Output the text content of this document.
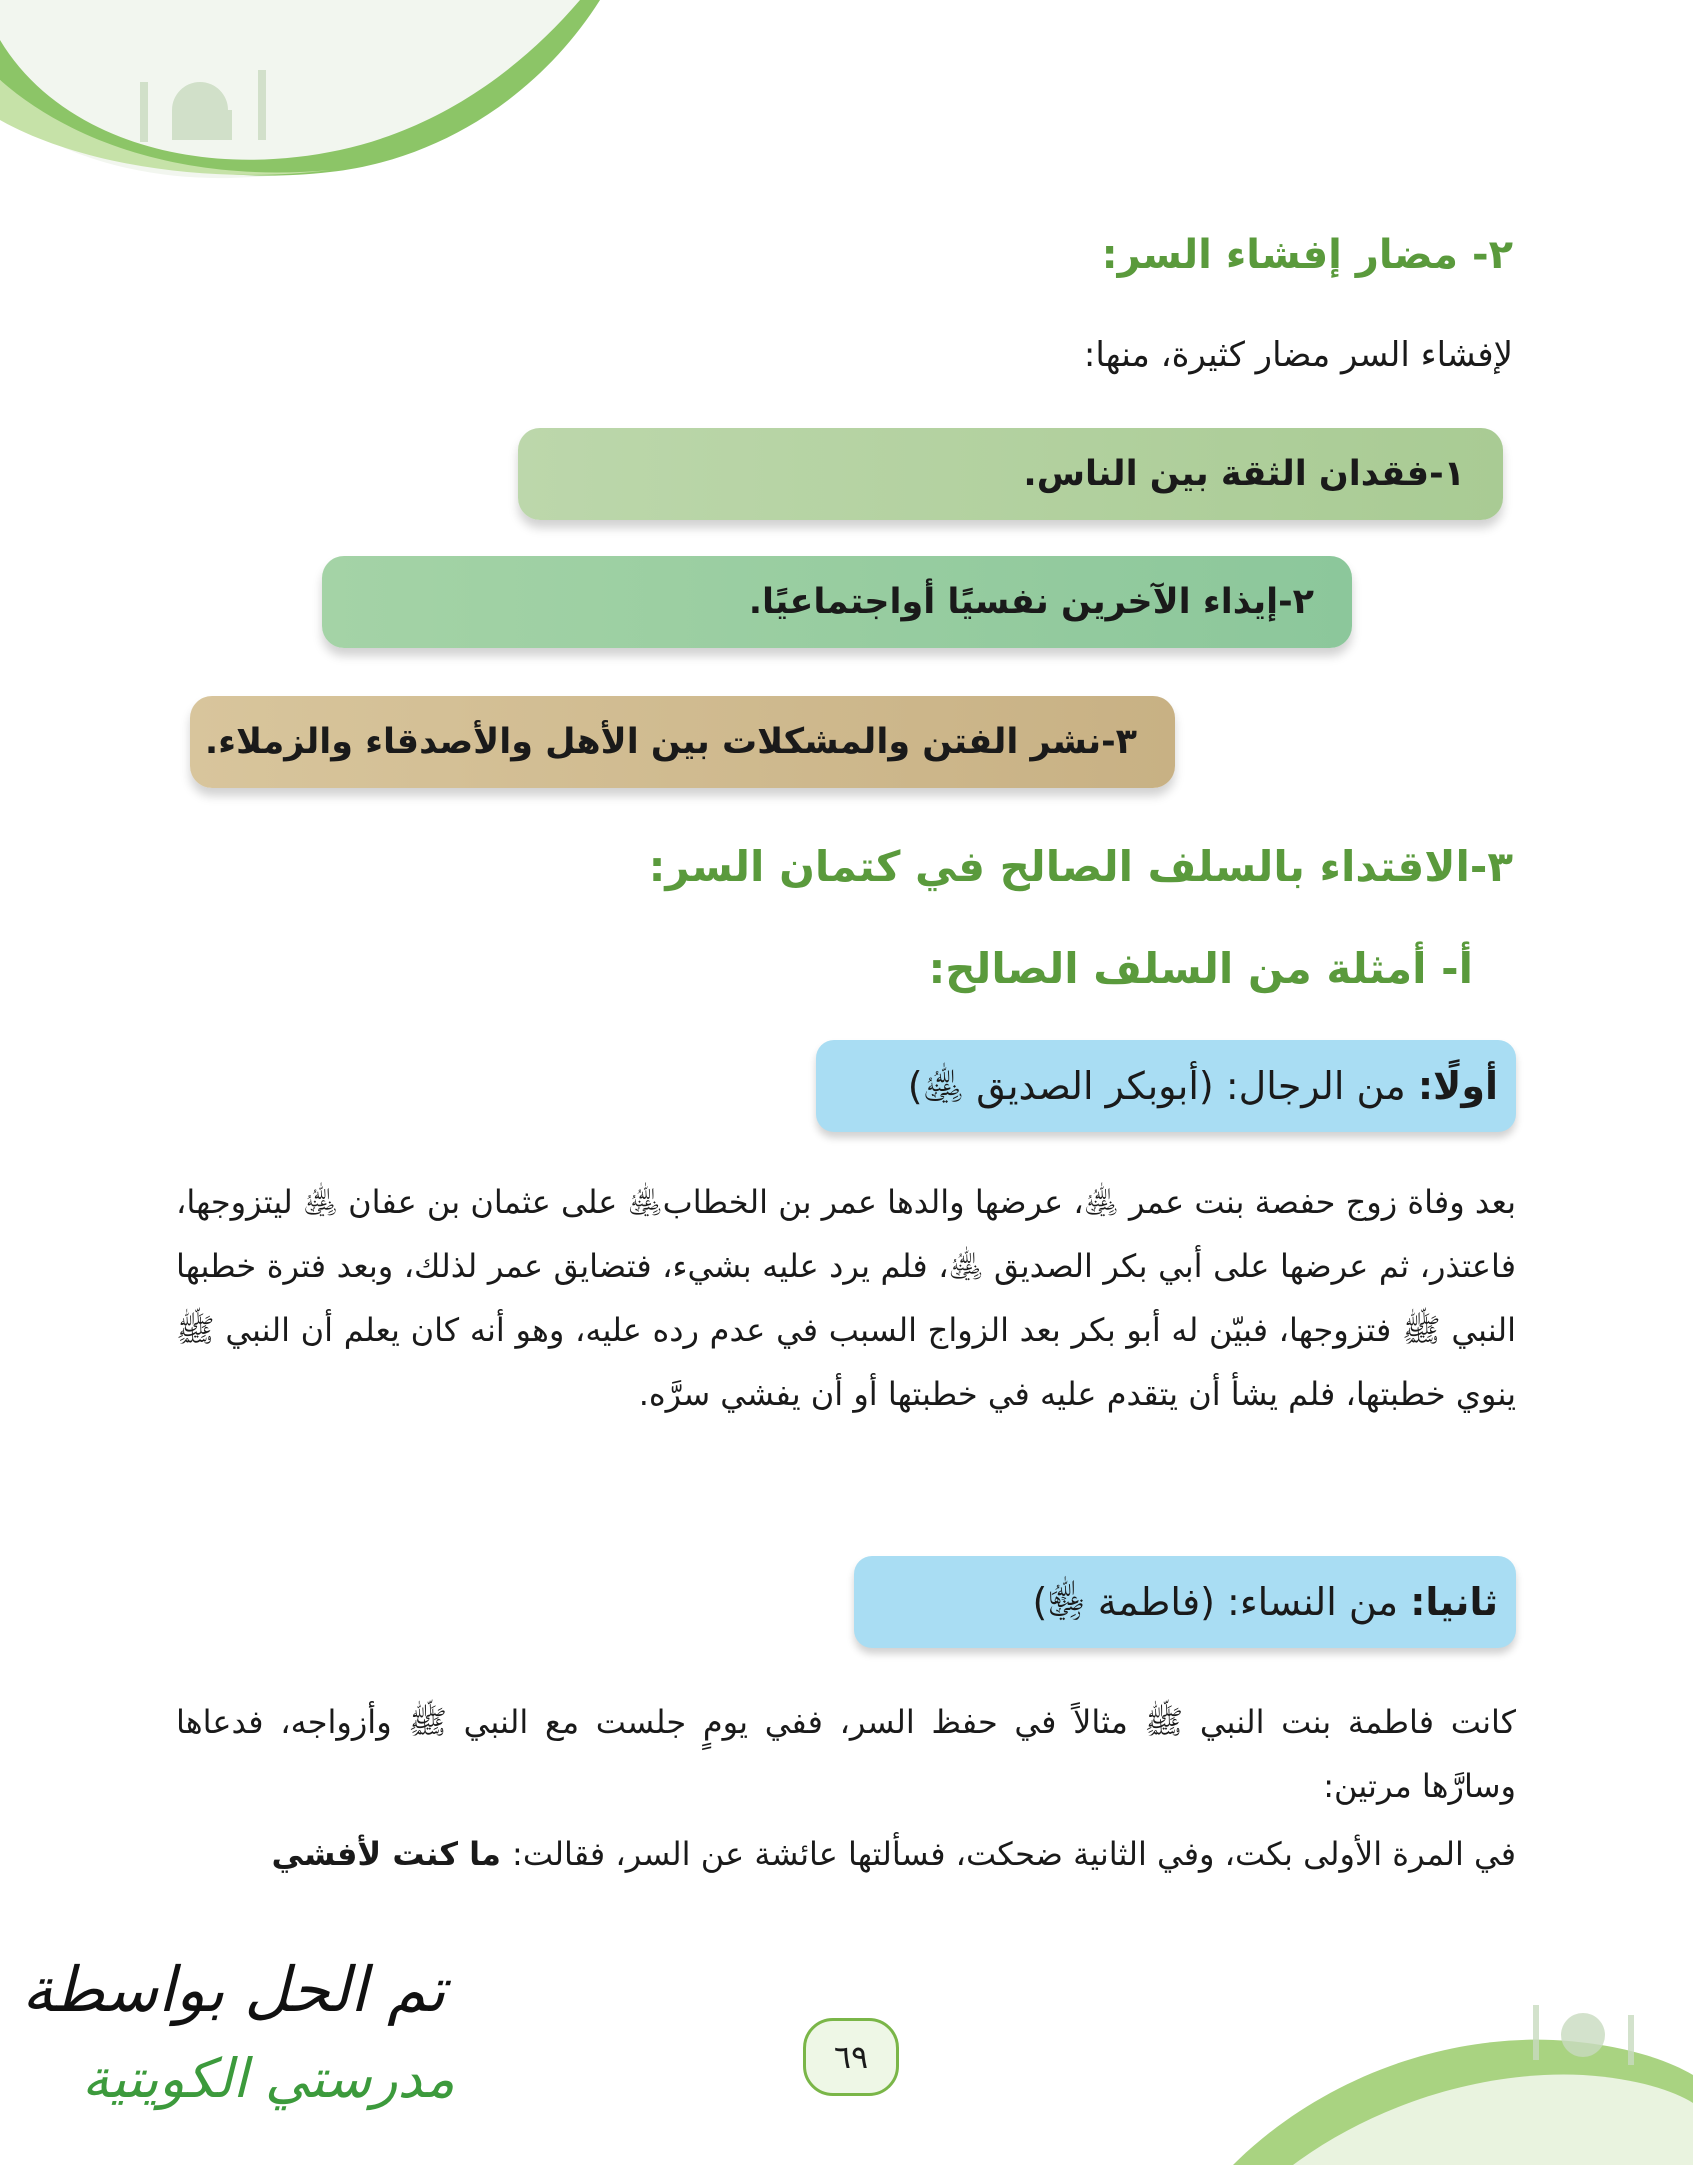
٢- مضار إفشاء السر:
لإفشاء السر مضار كثيرة، منها:
١-فقدان الثقة بين الناس.
٢-إيذاء الآخرين نفسيًا أواجتماعيًا.
٣-نشر الفتن والمشكلات بين الأهل والأصدقاء والزملاء.
٣-الاقتداء بالسلف الصالح في كتمان السر:
أ- أمثلة من السلف الصالح:
أولًا: من الرجال: (أبوبكر الصديق ﵁)
بعد وفاة زوج حفصة بنت عمر ﵁، عرضها والدها عمر بن الخطاب﵁ على عثمان بن عفان ﵁ ليتزوجها، فاعتذر، ثم عرضها على أبي بكر الصديق ﵁، فلم يرد عليه بشيء، فتضايق عمر لذلك، وبعد فترة خطبها النبي ﷺ فتزوجها، فبيّن له أبو بكر بعد الزواج السبب في عدم رده عليه، وهو أنه كان يعلم أن النبي ﷺ ينوي خطبتها، فلم يشأ أن يتقدم عليه في خطبتها أو أن يفشي سرَّه.
ثانيا: من النساء: (فاطمة ﵂)
كانت فاطمة بنت النبي ﷺ مثالاً في حفظ السر، ففي يومٍ جلست مع النبي ﷺ وأزواجه، فدعاها وسارَّها مرتين:
في المرة الأولى بكت، وفي الثانية ضحكت، فسألتها عائشة عن السر، فقالت: ما كنت لأفشي
تم الحل بواسطة
مدرستي الكويتية	٦٩
